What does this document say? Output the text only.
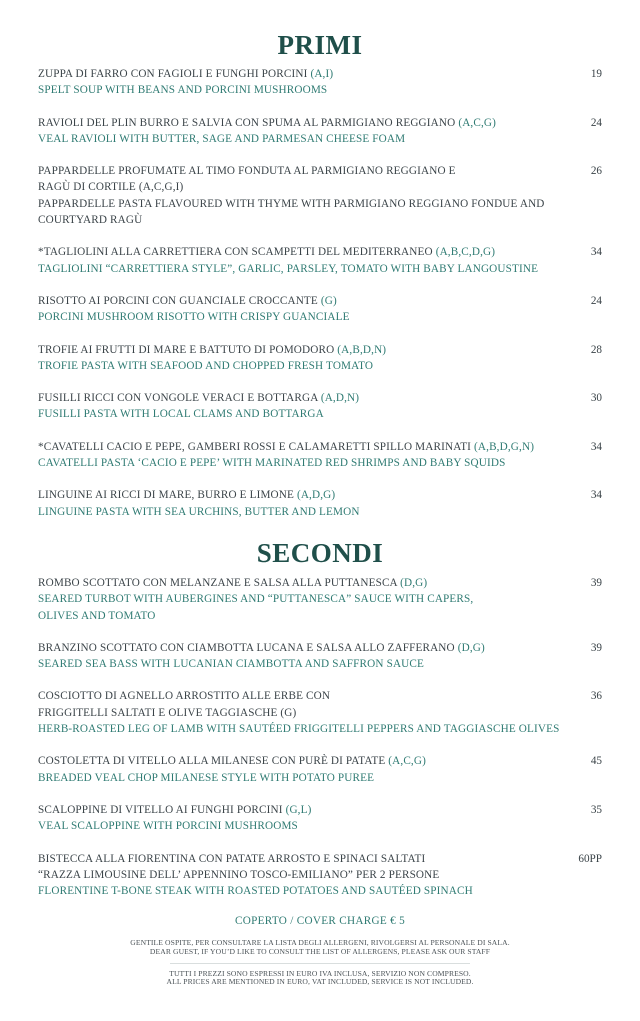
PRIMI
ZUPPA DI FARRO CON FAGIOLI E FUNGHI PORCINI (A,I)
SPELT SOUP WITH BEANS AND PORCINI MUSHROOMS
19
RAVIOLI DEL PLIN BURRO E SALVIA CON SPUMA AL PARMIGIANO REGGIANO (A,C,G)
VEAL RAVIOLI WITH BUTTER, SAGE AND PARMESAN CHEESE FOAM
24
PAPPARDELLE PROFUMATE AL TIMO FONDUTA AL PARMIGIANO REGGIANO E
RAGÙ DI CORTILE (A,C,G,I)
PAPPARDELLE PASTA FLAVOURED WITH THYME WITH PARMIGIANO REGGIANO FONDUE AND
COURTYARD RAGÙ
26
*TAGLIOLINI ALLA CARRETTIERA CON SCAMPETTI DEL MEDITERRANEO (A,B,C,D,G)
TAGLIOLINI “CARRETTIERA STYLE”, GARLIC, PARSLEY, TOMATO WITH BABY LANGOUSTINE
34
RISOTTO AI PORCINI CON GUANCIALE CROCCANTE (G)
PORCINI MUSHROOM RISOTTO WITH CRISPY GUANCIALE
24
TROFIE AI FRUTTI DI MARE E BATTUTO DI POMODORO (A,B,D,N)
TROFIE PASTA WITH SEAFOOD AND CHOPPED FRESH TOMATO
28
FUSILLI RICCI CON VONGOLE VERACI E BOTTARGA (A,D,N)
FUSILLI PASTA WITH LOCAL CLAMS AND BOTTARGA
30
*CAVATELLI CACIO E PEPE, GAMBERI ROSSI E CALAMARETTI SPILLO MARINATI (A,B,D,G,N)
CAVATELLI PASTA ‘CACIO E PEPE’ WITH MARINATED RED SHRIMPS AND BABY SQUIDS
34
LINGUINE AI RICCI DI MARE, BURRO E LIMONE (A,D,G)
LINGUINE PASTA WITH SEA URCHINS, BUTTER AND LEMON
34
SECONDI
ROMBO SCOTTATO CON MELANZANE E SALSA ALLA PUTTANESCA (D,G)
SEARED TURBOT WITH AUBERGINES AND “PUTTANESCA” SAUCE WITH CAPERS,
OLIVES AND TOMATO
39
BRANZINO SCOTTATO CON CIAMBOTTA LUCANA E SALSA ALLO ZAFFERANO (D,G)
SEARED SEA BASS WITH LUCANIAN CIAMBOTTA AND SAFFRON SAUCE
39
COSCIOTTO DI AGNELLO ARROSTITO ALLE ERBE CON
FRIGGITELLI SALTATI E OLIVE TAGGIASCHE (G)
HERB-ROASTED LEG OF LAMB WITH SAUTÉED FRIGGITELLI PEPPERS AND TAGGIASCHE OLIVES
36
COSTOLETTA DI VITELLO ALLA MILANESE CON PURÈ DI PATATE (A,C,G)
BREADED VEAL CHOP MILANESE STYLE WITH POTATO PUREE
45
SCALOPPINE DI VITELLO AI FUNGHI PORCINI (G,L)
VEAL SCALOPPINE WITH PORCINI MUSHROOMS
35
BISTECCA ALLA FIORENTINA CON PATATE ARROSTO E SPINACI SALTATI
“RAZZA LIMOUSINE DELL’ APPENNINO TOSCO-EMILIANO” PER 2 PERSONE
FLORENTINE T-BONE STEAK WITH ROASTED POTATOES AND SAUTÉED SPINACH
60PP
COPERTO / COVER CHARGE € 5
GENTILE OSPITE, PER CONSULTARE LA LISTA DEGLI ALLERGENI, RIVOLGERSI AL PERSONALE DI SALA.
DEAR GUEST, IF YOU’D LIKE TO CONSULT THE LIST OF ALLERGENS, PLEASE ASK OUR STAFF
TUTTI I PREZZI SONO ESPRESSI IN EURO IVA INCLUSA, SERVIZIO NON COMPRESO.
ALL PRICES ARE MENTIONED IN EURO, VAT INCLUDED, SERVICE IS NOT INCLUDED.
